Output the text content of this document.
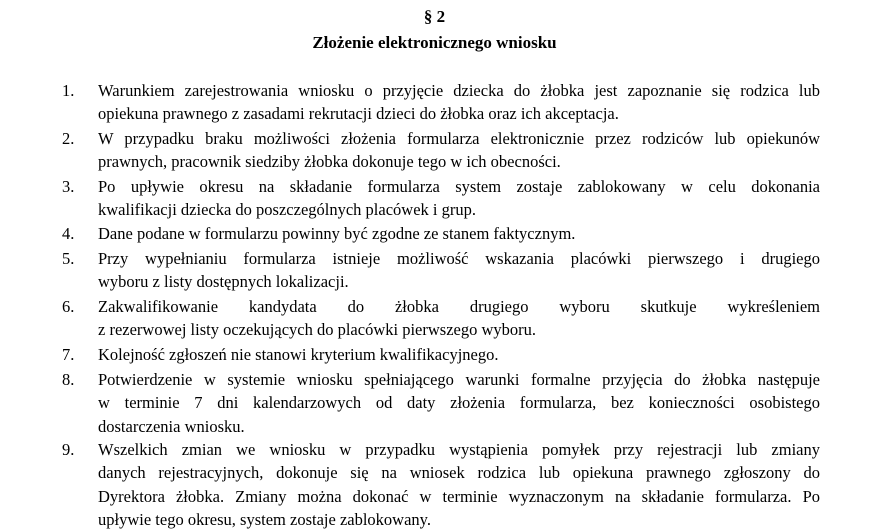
§ 2
Złożenie elektronicznego wniosku
1. Warunkiem zarejestrowania wniosku o przyjęcie dziecka do żłobka jest zapoznanie się rodzica lub
opiekuna prawnego z zasadami rekrutacji dzieci do żłobka oraz ich akceptacja.
2. W przypadku braku możliwości złożenia formularza elektronicznie przez rodziców lub opiekunów
prawnych, pracownik siedziby żłobka dokonuje tego w ich obecności.
3. Po upływie okresu na składanie formularza system zostaje zablokowany w celu dokonania
kwalifikacji dziecka do poszczególnych placówek i grup.
4. Dane podane w formularzu powinny być zgodne ze stanem faktycznym.
5. Przy wypełnianiu formularza istnieje możliwość wskazania placówki pierwszego i drugiego
wyboru z listy dostępnych lokalizacji.
6. Zakwalifikowanie kandydata do żłobka drugiego wyboru skutkuje wykreśleniem
z rezerwowej listy oczekujących do placówki pierwszego wyboru.
7. Kolejność zgłoszeń nie stanowi kryterium kwalifikacyjnego.
8. Potwierdzenie w systemie wniosku spełniającego warunki formalne przyjęcia do żłobka następuje
w terminie 7 dni kalendarzowych od daty złożenia formularza, bez konieczności osobistego
dostarczenia wniosku.
9. Wszelkich zmian we wniosku w przypadku wystąpienia pomyłek przy rejestracji lub zmiany
danych rejestracyjnych, dokonuje się na wniosek rodzica lub opiekuna prawnego zgłoszony do
Dyrektora żłobka. Zmiany można dokonać w terminie wyznaczonym na składanie formularza. Po
upływie tego okresu, system zostaje zablokowany.
